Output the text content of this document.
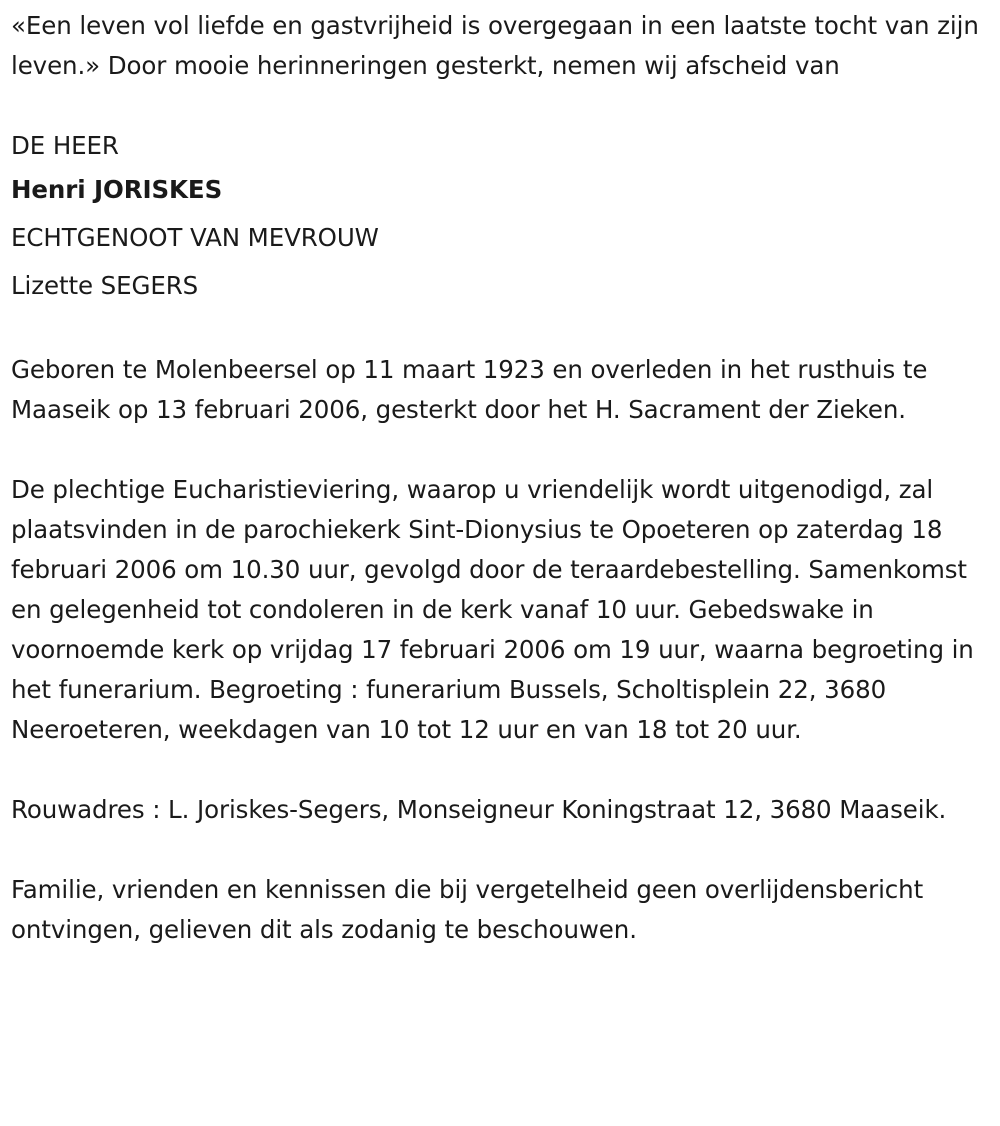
«Een leven vol liefde en gastvrijheid is overgegaan in een laatste tocht van zijn leven.» Door mooie herinneringen gesterkt, nemen wij afscheid van

DE HEER

Henri JORISKES

ECHTGENOOT VAN MEVROUW

Lizette SEGERS

Geboren te Molenbeersel op 11 maart 1923 en overleden in het rusthuis te Maaseik op 13 februari 2006, gesterkt door het H. Sacrament der Zieken.

De plechtige Eucharistieviering, waarop u vriendelijk wordt uitgenodigd, zal plaatsvinden in de parochiekerk Sint-Dionysius te Opoeteren op zaterdag 18 februari 2006 om 10.30 uur, gevolgd door de teraardebestelling. Samenkomst en gelegenheid tot condoleren in de kerk vanaf 10 uur. Gebedswake in voornoemde kerk op vrijdag 17 februari 2006 om 19 uur, waarna begroeting in het funerarium. Begroeting : funerarium Bussels, Scholtisplein 22, 3680 Neeroeteren, weekdagen van 10 tot 12 uur en van 18 tot 20 uur.

Rouwadres : L. Joriskes-Segers, Monseigneur Koningstraat 12, 3680 Maaseik.

Familie, vrienden en kennissen die bij vergetelheid geen overlijdensbericht ontvingen, gelieven dit als zodanig te beschouwen.
